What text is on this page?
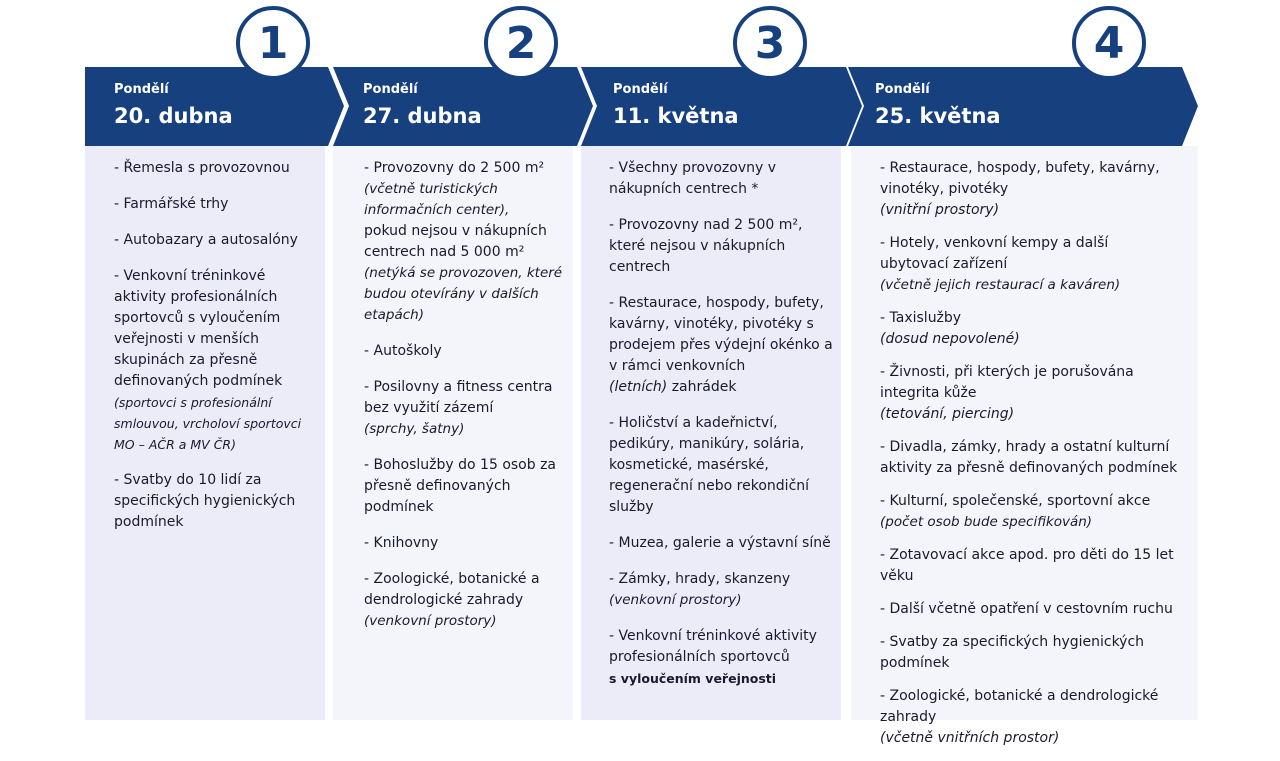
1
Pondělí
20. dubna
- Řemesla s provozovnou
- Farmářské trhy
- Autobazary a autosalóny
- Venkovní tréninkové aktivity profesionálních sportovců s vyloučením veřejnosti v menších skupinách za přesně definovaných podmínek
(sportovci s profesionální smlouvou, vrcholoví sportovci MO – AČR a MV ČR)
- Svatby do 10 lidí za specifických hygienických podmínek
2
Pondělí
27. dubna
- Provozovny do 2 500 m²
(včetně turistických informačních center),
pokud nejsou v nákupních centrech nad 5 000 m²
(netýká se provozoven, které budou otevírány v dalších etapách)
- Autoškoly
- Posilovny a fitness centra bez využití zázemí
(sprchy, šatny)
- Bohoslužby do 15 osob za přesně definovaných podmínek
- Knihovny
- Zoologické, botanické a dendrologické zahrady
(venkovní prostory)
3
Pondělí
11. května
- Všechny provozovny v nákupních centrech *
- Provozovny nad 2 500 m², které nejsou v nákupních centrech
- Restaurace, hospody, bufety, kavárny, vinotéky, pivotéky s prodejem přes výdejní okénko a v rámci venkovních
(letních) zahrádek
- Holičství a kadeřnictví, pedikúry, manikúry, solária, kosmetické, masérské, regenerační nebo rekondiční služby
- Muzea, galerie a výstavní síně
- Zámky, hrady, skanzeny
(venkovní prostory)
- Venkovní tréninkové aktivity profesionálních sportovců
s vyloučením veřejnosti
4
Pondělí
25. května
- Restaurace, hospody, bufety, kavárny, vinotéky, pivotéky
(vnitřní prostory)
- Hotely, venkovní kempy a další ubytovací zařízení
(včetně jejich restaurací a kaváren)
- Taxislužby
(dosud nepovolené)
- Živnosti, při kterých je porušována integrita kůže
(tetování, piercing)
- Divadla, zámky, hrady a ostatní kulturní aktivity za přesně definovaných podmínek
- Kulturní, společenské, sportovní akce
(počet osob bude specifikován)
- Zotavovací akce apod. pro děti do 15 let věku
- Další včetně opatření v cestovním ruchu
- Svatby za specifických hygienických podmínek
- Zoologické, botanické a dendrologické zahrady
(včetně vnitřních prostor)
